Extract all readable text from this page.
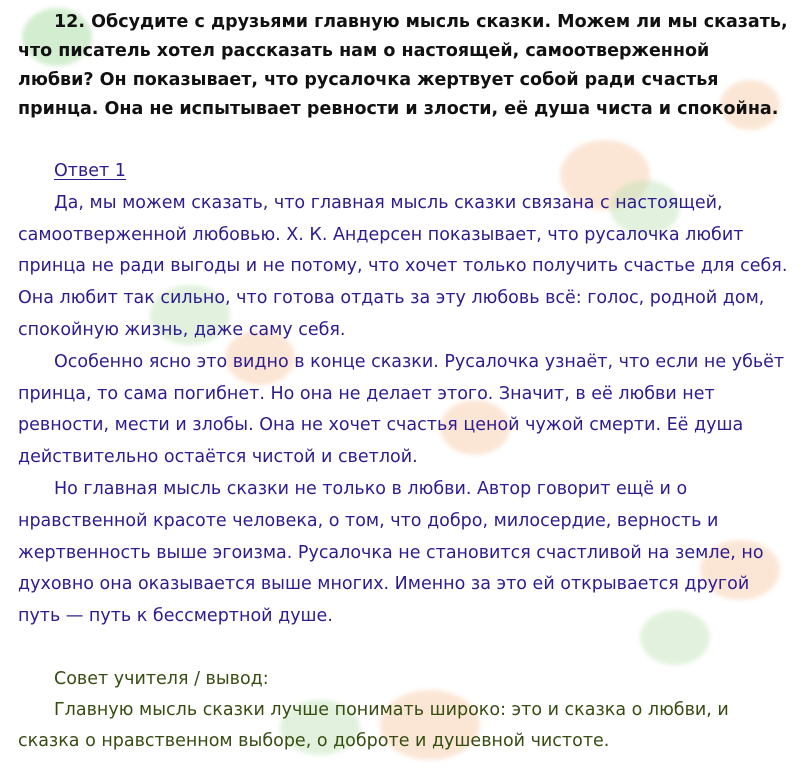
12. Обсудите с друзьями главную мысль сказки. Можем ли мы сказать, что писатель хотел рассказать нам о настоящей, самоотверженной любви? Он показывает, что русалочка жертвует собой ради счастья принца. Она не испытывает ревности и злости, её душа чиста и спокойна.

Ответ 1

Да, мы можем сказать, что главная мысль сказки связана с настоящей, самоотверженной любовью. Х. К. Андерсен показывает, что русалочка любит принца не ради выгоды и не потому, что хочет только получить счастье для себя. Она любит так сильно, что готова отдать за эту любовь всё: голос, родной дом, спокойную жизнь, даже саму себя.

Особенно ясно это видно в конце сказки. Русалочка узнаёт, что если не убьёт принца, то сама погибнет. Но она не делает этого. Значит, в её любви нет ревности, мести и злобы. Она не хочет счастья ценой чужой смерти. Её душа действительно остаётся чистой и светлой.

Но главная мысль сказки не только в любви. Автор говорит ещё и о нравственной красоте человека, о том, что добро, милосердие, верность и жертвенность выше эгоизма. Русалочка не становится счастливой на земле, но духовно она оказывается выше многих. Именно за это ей открывается другой путь — путь к бессмертной душе.

Совет учителя / вывод:

Главную мысль сказки лучше понимать широко: это и сказка о любви, и сказка о нравственном выборе, о доброте и душевной чистоте.
